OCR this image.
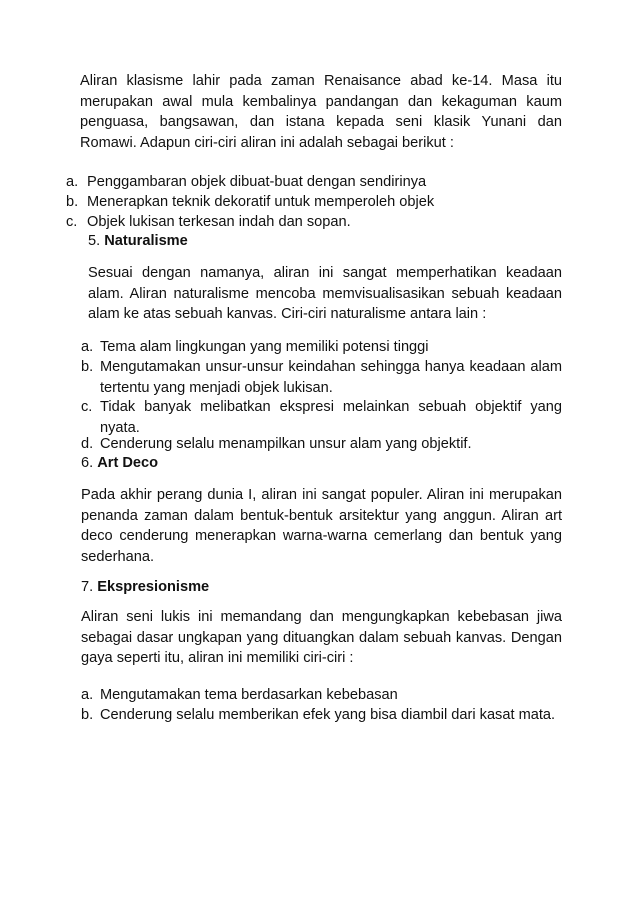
Aliran klasisme lahir pada zaman Renaisance abad ke-14. Masa itu merupakan awal mula kembalinya pandangan dan kekaguman kaum penguasa, bangsawan, dan istana kepada seni klasik Yunani dan Romawi. Adapun ciri-ciri aliran ini adalah sebagai berikut :
a. Penggambaran objek dibuat-buat dengan sendirinya
b. Menerapkan teknik dekoratif untuk memperoleh objek
c. Objek lukisan terkesan indah dan sopan.
5. Naturalisme
Sesuai dengan namanya, aliran ini sangat memperhatikan keadaan alam. Aliran naturalisme mencoba memvisualisasikan sebuah keadaan alam ke atas sebuah kanvas. Ciri-ciri naturalisme antara lain :
a. Tema alam lingkungan yang memiliki potensi tinggi
b. Mengutamakan unsur-unsur keindahan sehingga hanya keadaan alam tertentu yang menjadi objek lukisan.
c. Tidak banyak melibatkan ekspresi melainkan sebuah objektif yang nyata.
d. Cenderung selalu menampilkan unsur alam yang objektif.
6. Art Deco
Pada akhir perang dunia I, aliran ini sangat populer. Aliran ini merupakan penanda zaman dalam bentuk-bentuk arsitektur yang anggun. Aliran art deco cenderung menerapkan warna-warna cemerlang dan bentuk yang sederhana.
7. Ekspresionisme
Aliran seni lukis ini memandang dan mengungkapkan kebebasan jiwa sebagai dasar ungkapan yang dituangkan dalam sebuah kanvas. Dengan gaya seperti itu, aliran ini memiliki ciri-ciri :
a. Mengutamakan tema berdasarkan kebebasan
b. Cenderung selalu memberikan efek yang bisa diambil dari kasat mata.
